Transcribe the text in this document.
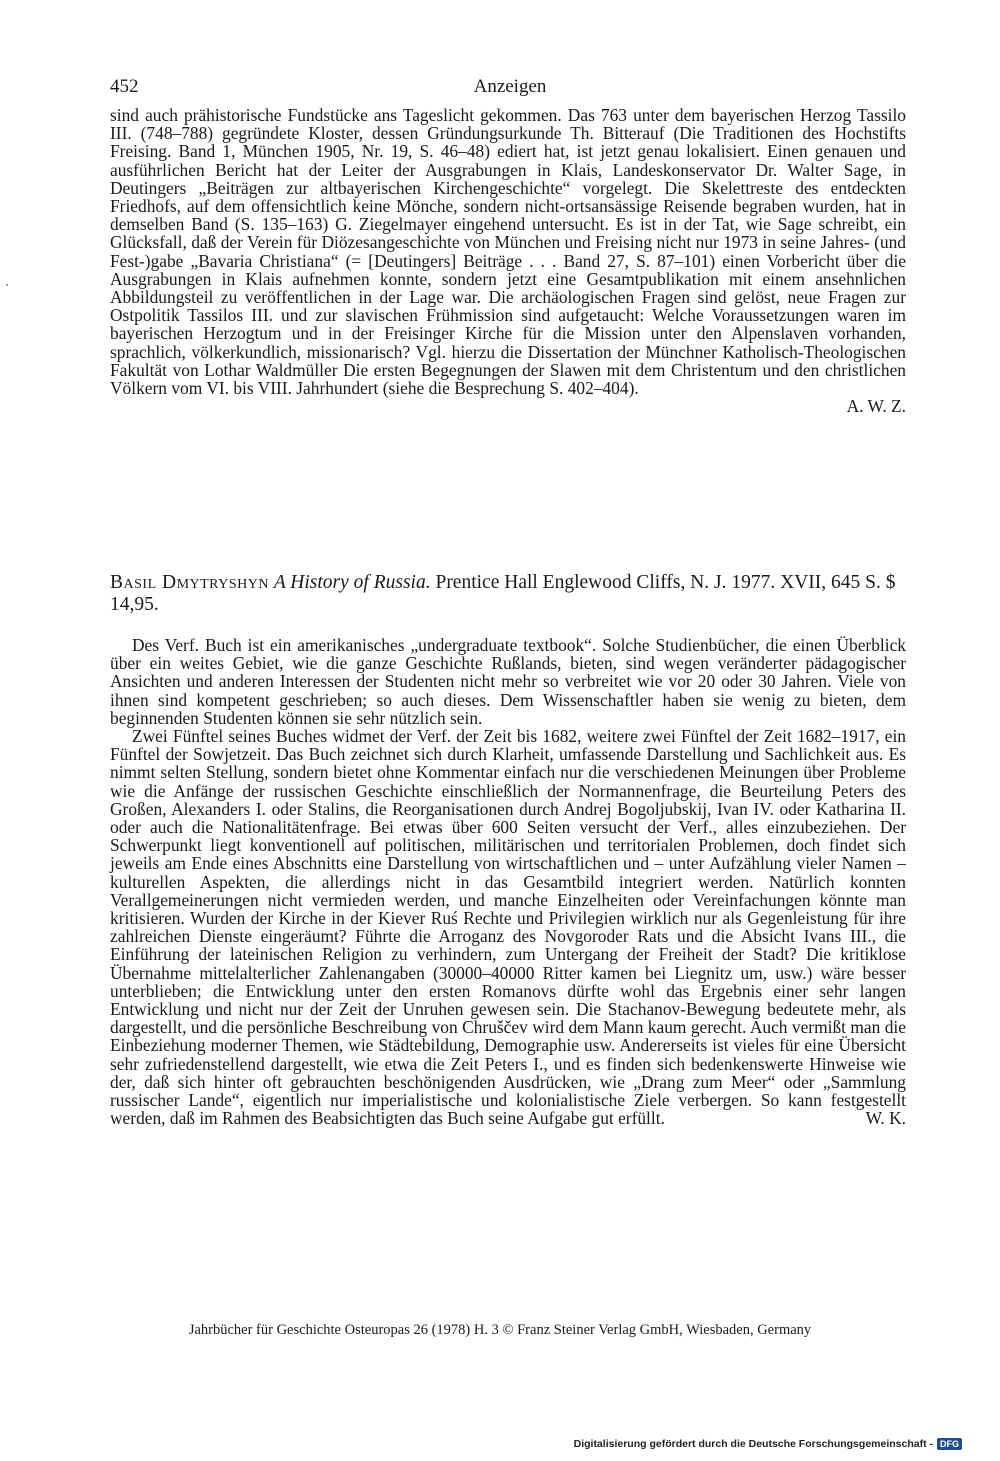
452	Anzeigen

sind auch prähistorische Fundstücke ans Tageslicht gekommen. Das 763 unter dem bayerischen Herzog Tassilo III. (748–788) gegründete Kloster, dessen Gründungsurkunde Th. Bitterauf (Die Traditionen des Hochstifts Freising. Band 1, München 1905, Nr. 19, S. 46–48) ediert hat, ist jetzt genau lokalisiert. Einen genauen und ausführlichen Bericht hat der Leiter der Ausgrabungen in Klais, Landeskonservator Dr. Walter Sage, in Deutingers „Beiträgen zur altbayerischen Kirchengeschichte“ vorgelegt. Die Skelettreste des entdeckten Friedhofs, auf dem offensichtlich keine Mönche, sondern nicht-ortsansässige Reisende begraben wurden, hat in demselben Band (S. 135–163) G. Ziegelmayer eingehend untersucht. Es ist in der Tat, wie Sage schreibt, ein Glücksfall, daß der Verein für Diözesangeschichte von München und Freising nicht nur 1973 in seine Jahres- (und Fest-)gabe „Bavaria Christiana“ (= [Deutingers] Beiträge . . . Band 27, S. 87–101) einen Vorbericht über die Ausgrabungen in Klais aufnehmen konnte, sondern jetzt eine Gesamtpublikation mit einem ansehnlichen Abbildungsteil zu veröffentlichen in der Lage war. Die archäologischen Fragen sind gelöst, neue Fragen zur Ostpolitik Tassilos III. und zur slavischen Frühmission sind aufgetaucht: Welche Voraussetzungen waren im bayerischen Herzogtum und in der Freisinger Kirche für die Mission unter den Alpenslaven vorhanden, sprachlich, völkerkundlich, missionarisch? Vgl. hierzu die Dissertation der Münchner Katholisch-Theologischen Fakultät von Lothar Waldmüller Die ersten Begegnungen der Slawen mit dem Christentum und den christlichen Völkern vom VI. bis VIII. Jahrhundert (siehe die Besprechung S. 402–404).

A. W. Z.
Basil Dmytryshyn A History of Russia. Prentice Hall Englewood Cliffs, N. J. 1977. XVII, 645 S. $ 14,95.

Des Verf. Buch ist ein amerikanisches „undergraduate textbook“. Solche Studienbücher, die einen Überblick über ein weites Gebiet, wie die ganze Geschichte Rußlands, bieten, sind wegen veränderter pädagogischer Ansichten und anderen Interessen der Studenten nicht mehr so verbreitet wie vor 20 oder 30 Jahren. Viele von ihnen sind kompetent geschrieben; so auch dieses. Dem Wissenschaftler haben sie wenig zu bieten, dem beginnenden Studenten können sie sehr nützlich sein.

Zwei Fünftel seines Buches widmet der Verf. der Zeit bis 1682, weitere zwei Fünftel der Zeit 1682–1917, ein Fünftel der Sowjetzeit. Das Buch zeichnet sich durch Klarheit, umfassende Darstellung und Sachlichkeit aus. Es nimmt selten Stellung, sondern bietet ohne Kommentar einfach nur die verschiedenen Meinungen über Probleme wie die Anfänge der russischen Geschichte einschließlich der Normannenfrage, die Beurteilung Peters des Großen, Alexanders I. oder Stalins, die Reorganisationen durch Andrej Bogoljubskij, Ivan IV. oder Katharina II. oder auch die Nationalitätenfrage. Bei etwas über 600 Seiten versucht der Verf., alles einzubeziehen. Der Schwerpunkt liegt konventionell auf politischen, militärischen und territorialen Problemen, doch findet sich jeweils am Ende eines Abschnitts eine Darstellung von wirtschaftlichen und – unter Aufzählung vieler Namen – kulturellen Aspekten, die allerdings nicht in das Gesamtbild integriert werden. Natürlich konnten Verallgemeinerungen nicht vermieden werden, und manche Einzelheiten oder Vereinfachungen könnte man kritisieren. Wurden der Kirche in der Kiever Ruś Rechte und Privilegien wirklich nur als Gegenleistung für ihre zahlreichen Dienste eingeräumt? Führte die Arroganz des Novgoroder Rats und die Absicht Ivans III., die Einführung der lateinischen Religion zu verhindern, zum Untergang der Freiheit der Stadt? Die kritiklose Übernahme mittelalterlicher Zahlenangaben (30000–40000 Ritter kamen bei Liegnitz um, usw.) wäre besser unterblieben; die Entwicklung unter den ersten Romanovs dürfte wohl das Ergebnis einer sehr langen Entwicklung und nicht nur der Zeit der Unruhen gewesen sein. Die Stachanov-Bewegung bedeutete mehr, als dargestellt, und die persönliche Beschreibung von Chruščev wird dem Mann kaum gerecht. Auch vermißt man die Einbeziehung moderner Themen, wie Städtebildung, Demographie usw. Andererseits ist vieles für eine Übersicht sehr zufriedenstellend dargestellt, wie etwa die Zeit Peters I., und es finden sich bedenkenswerte Hinweise wie der, daß sich hinter oft gebrauchten beschönigenden Ausdrücken, wie „Drang zum Meer“ oder „Sammlung russischer Lande“, eigentlich nur imperialistische und kolonialistische Ziele verbergen. So kann festgestellt werden, daß im Rahmen des Beabsichtigten das Buch seine Aufgabe gut erfüllt.	W. K.

Jahrbücher für Geschichte Osteuropas 26 (1978) H. 3 © Franz Steiner Verlag GmbH, Wiesbaden, Germany
Digitalisierung gefördert durch die Deutsche Forschungsgemeinschaft - DFG
